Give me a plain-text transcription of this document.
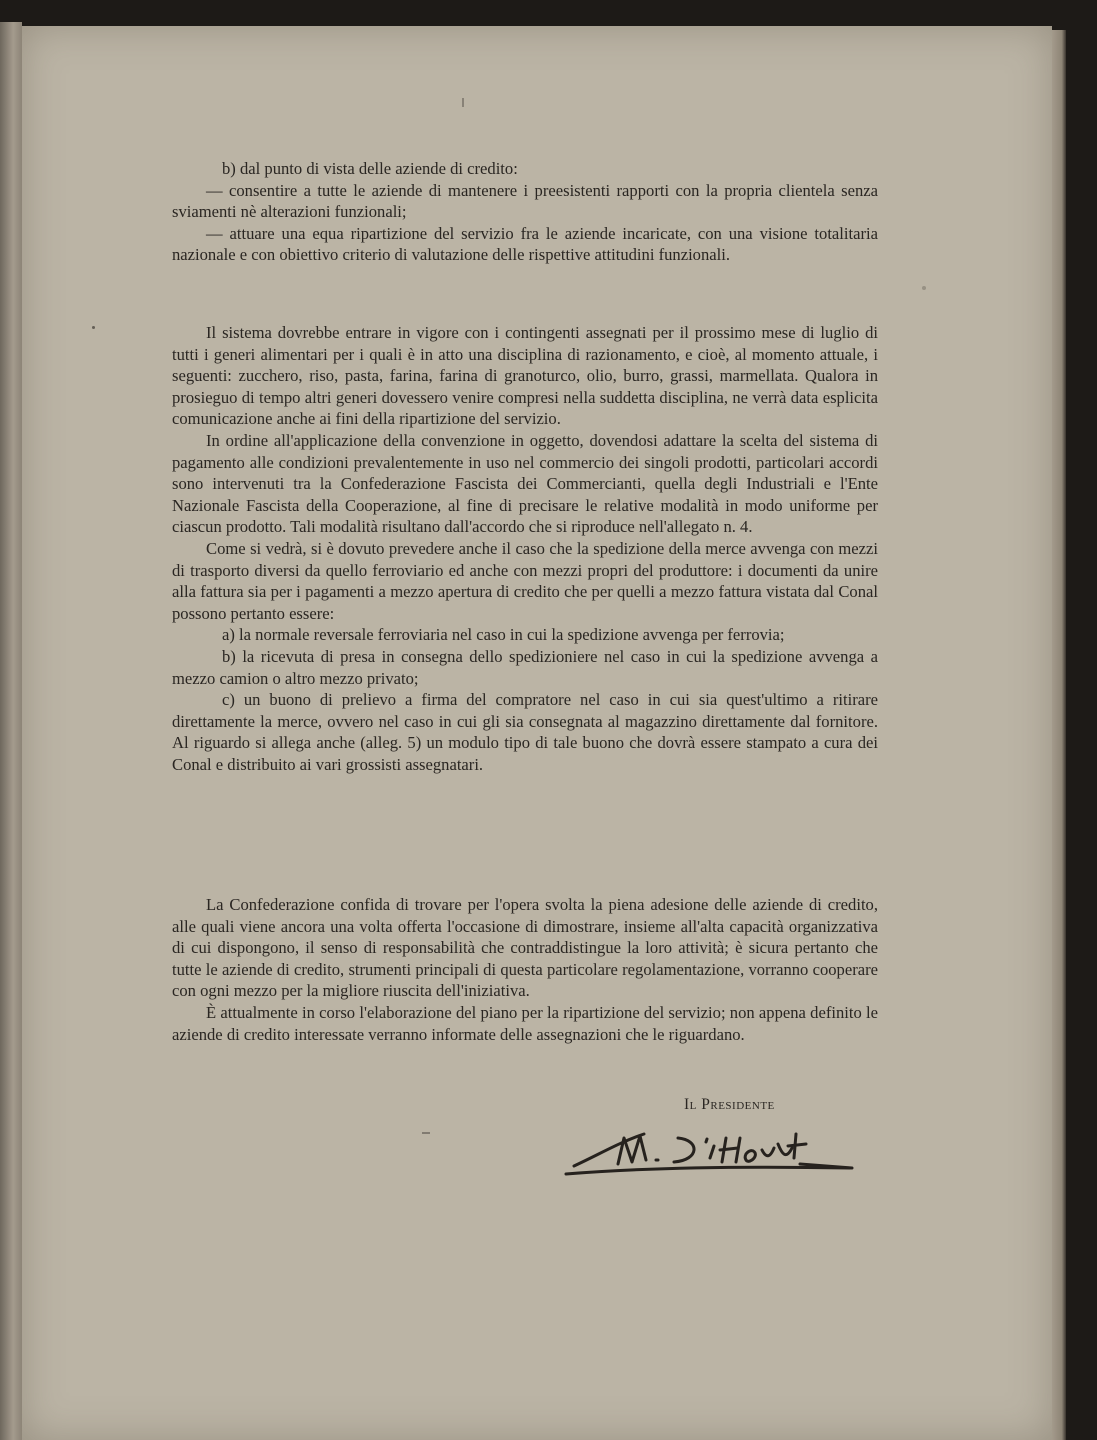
b) dal punto di vista delle aziende di credito:

— consentire a tutte le aziende di mantenere i preesistenti rapporti con la propria clientela senza sviamenti nè alterazioni funzionali;

— attuare una equa ripartizione del servizio fra le aziende incaricate, con una visione totalitaria nazionale e con obiettivo criterio di valutazione delle rispettive attitudini funzionali.

Il sistema dovrebbe entrare in vigore con i contingenti assegnati per il prossimo mese di luglio di tutti i generi alimentari per i quali è in atto una disciplina di razionamento, e cioè, al momento attuale, i seguenti: zucchero, riso, pasta, farina, farina di granoturco, olio, burro, grassi, marmellata. Qualora in prosieguo di tempo altri generi dovessero venire compresi nella suddetta disciplina, ne verrà data esplicita comunicazione anche ai fini della ripartizione del servizio.

In ordine all'applicazione della convenzione in oggetto, dovendosi adattare la scelta del sistema di pagamento alle condizioni prevalentemente in uso nel commercio dei singoli prodotti, particolari accordi sono intervenuti tra la Confederazione Fascista dei Commercianti, quella degli Industriali e l'Ente Nazionale Fascista della Cooperazione, al fine di precisare le relative modalità in modo uniforme per ciascun prodotto. Tali modalità risultano dall'accordo che si riproduce nell'allegato n. 4.

Come si vedrà, si è dovuto prevedere anche il caso che la spedizione della merce avvenga con mezzi di trasporto diversi da quello ferroviario ed anche con mezzi propri del produttore: i documenti da unire alla fattura sia per i pagamenti a mezzo apertura di credito che per quelli a mezzo fattura vistata dal Conal possono pertanto essere:

a) la normale reversale ferroviaria nel caso in cui la spedizione avvenga per ferrovia;

b) la ricevuta di presa in consegna dello spedizioniere nel caso in cui la spedizione avvenga a mezzo camion o altro mezzo privato;

c) un buono di prelievo a firma del compratore nel caso in cui sia quest'ultimo a ritirare direttamente la merce, ovvero nel caso in cui gli sia consegnata al magazzino direttamente dal fornitore. Al riguardo si allega anche (alleg. 5) un modulo tipo di tale buono che dovrà essere stampato a cura dei Conal e distribuito ai vari grossisti assegnatari.

La Confederazione confida di trovare per l'opera svolta la piena adesione delle aziende di credito, alle quali viene ancora una volta offerta l'occasione di dimostrare, insieme all'alta capacità organizzativa di cui dispongono, il senso di responsabilità che contraddistingue la loro attività; è sicura pertanto che tutte le aziende di credito, strumenti principali di questa particolare regolamentazione, vorranno cooperare con ogni mezzo per la migliore riuscita dell'iniziativa.

È attualmente in corso l'elaborazione del piano per la ripartizione del servizio; non appena definito le aziende di credito interessate verranno informate delle assegnazioni che le riguardano.

Il Presidente
